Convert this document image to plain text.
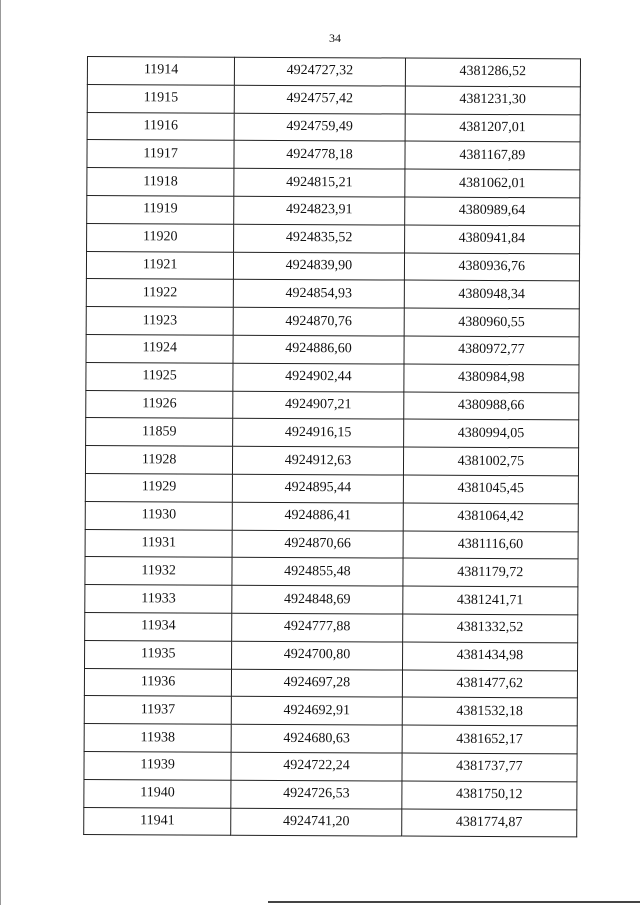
34
11914	4924727,32	4381286,52
11915	4924757,42	4381231,30
11916	4924759,49	4381207,01
11917	4924778,18	4381167,89
11918	4924815,21	4381062,01
11919	4924823,91	4380989,64
11920	4924835,52	4380941,84
11921	4924839,90	4380936,76
11922	4924854,93	4380948,34
11923	4924870,76	4380960,55
11924	4924886,60	4380972,77
11925	4924902,44	4380984,98
11926	4924907,21	4380988,66
11859	4924916,15	4380994,05
11928	4924912,63	4381002,75
11929	4924895,44	4381045,45
11930	4924886,41	4381064,42
11931	4924870,66	4381116,60
11932	4924855,48	4381179,72
11933	4924848,69	4381241,71
11934	4924777,88	4381332,52
11935	4924700,80	4381434,98
11936	4924697,28	4381477,62
11937	4924692,91	4381532,18
11938	4924680,63	4381652,17
11939	4924722,24	4381737,77
11940	4924726,53	4381750,12
11941	4924741,20	4381774,87
